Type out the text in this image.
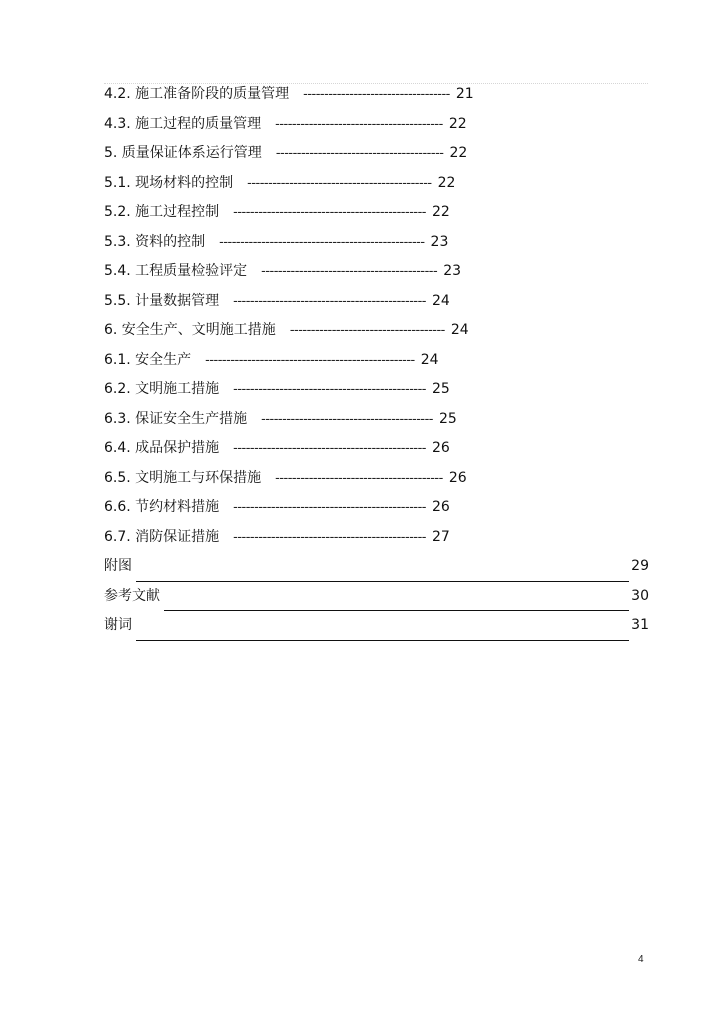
4.2. 施工准备阶段的质量管理 ----------------------------------- 21
4.3. 施工过程的质量管理 ---------------------------------------- 22
5. 质量保证体系运行管理 ---------------------------------------- 22
5.1. 现场材料的控制 -------------------------------------------- 22
5.2. 施工过程控制 ---------------------------------------------- 22
5.3. 资料的控制 ------------------------------------------------- 23
5.4. 工程质量检验评定 ------------------------------------------ 23
5.5. 计量数据管理 ---------------------------------------------- 24
6. 安全生产、文明施工措施 ------------------------------------- 24
6.1. 安全生产 -------------------------------------------------- 24
6.2. 文明施工措施 ---------------------------------------------- 25
6.3. 保证安全生产措施 ----------------------------------------- 25
6.4. 成品保护措施 ---------------------------------------------- 26
6.5. 文明施工与环保措施 ---------------------------------------- 26
6.6. 节约材料措施 ---------------------------------------------- 26
6.7. 消防保证措施 ---------------------------------------------- 27
附图	29
参考文献	30
谢词	31
4
